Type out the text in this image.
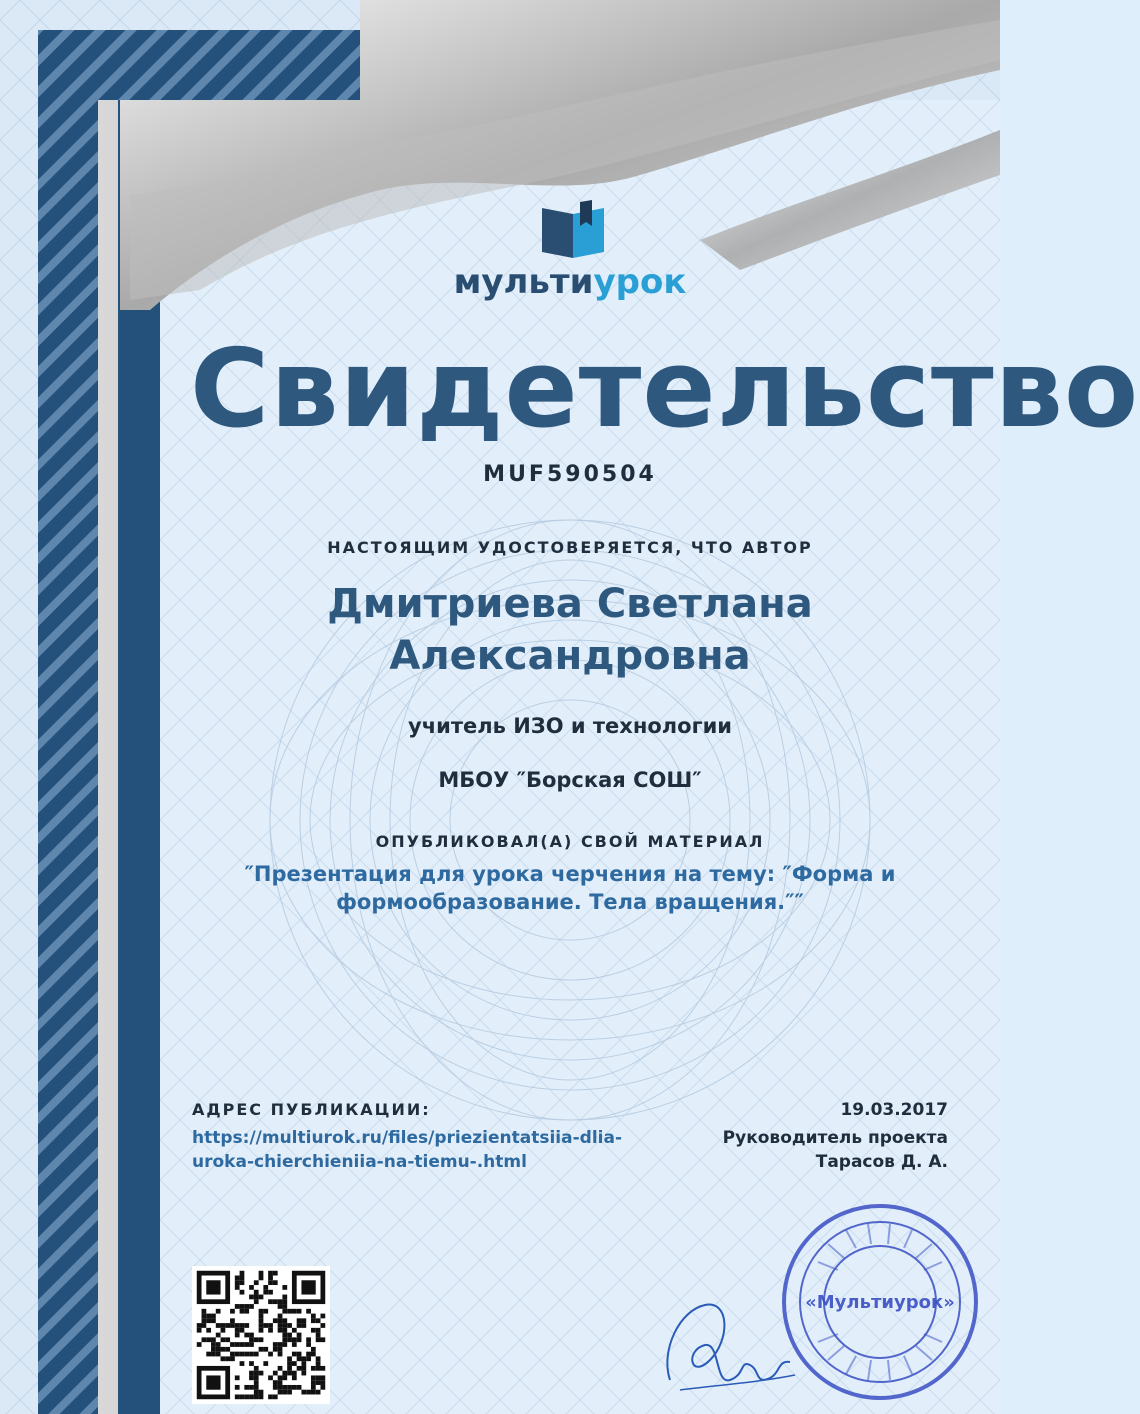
мультиурок
Свидетельство
MUF590504
НАСТОЯЩИМ УДОСТОВЕРЯЕТСЯ, ЧТО АВТОР
Дмитриева Светлана
Александровна
учитель ИЗО и технологии
МБОУ ″Борская СОШ″
ОПУБЛИКОВАЛ(А) СВОЙ МАТЕРИАЛ
″Презентация для урока черчения на тему: ″Форма и
формообразование. Тела вращения.″″
АДРЕС ПУБЛИКАЦИИ:
https://multiurok.ru/files/priezientatsiia-dlia-
uroka-chierchieniia-na-tiemu-.html
19.03.2017
Руководитель проекта
Тарасов Д. А.
«Мультиурок»
